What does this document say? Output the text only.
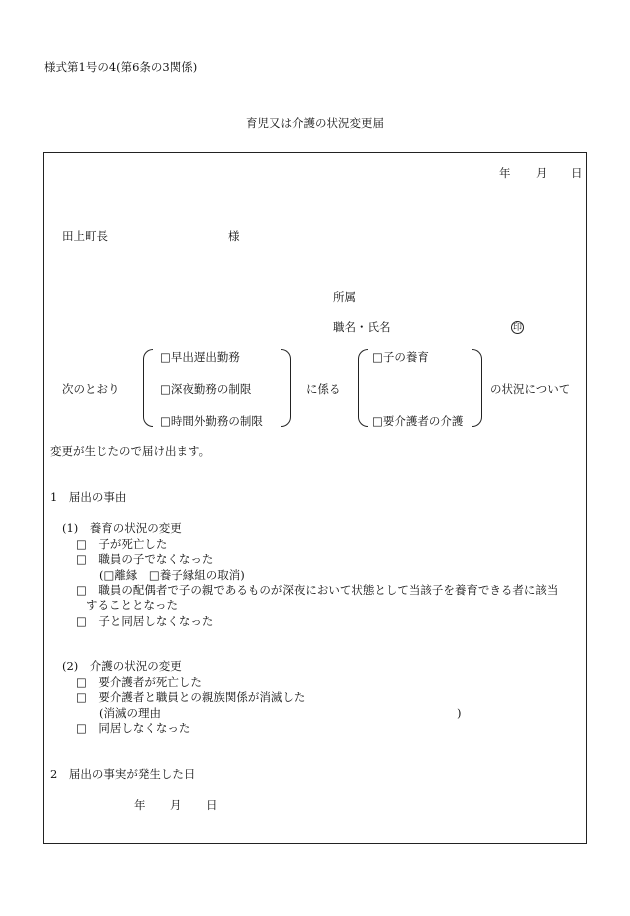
様式第1号の4(第6条の3関係)
育児又は介護の状況変更届
年 月 日
田上町長	様
所属
職名・氏名	印
次のとおり
□早出遅出勤務
□深夜勤務の制限
□時間外勤務の制限
に係る
□子の養育
□要介護者の介護
の状況について
変更が生じたので届け出ます。
1　届出の事由
(1)　養育の状況の変更
□　子が死亡した
□　職員の子でなくなった
(□離縁　□養子縁組の取消)
□　職員の配偶者で子の親であるものが深夜において状態として当該子を養育できる者に該当
することとなった
□　子と同居しなくなった
(2)　介護の状況の変更
□　要介護者が死亡した
□　要介護者と職員との親族関係が消滅した
(消滅の理由	)
□　同居しなくなった
2　届出の事実が発生した日
年 月 日
